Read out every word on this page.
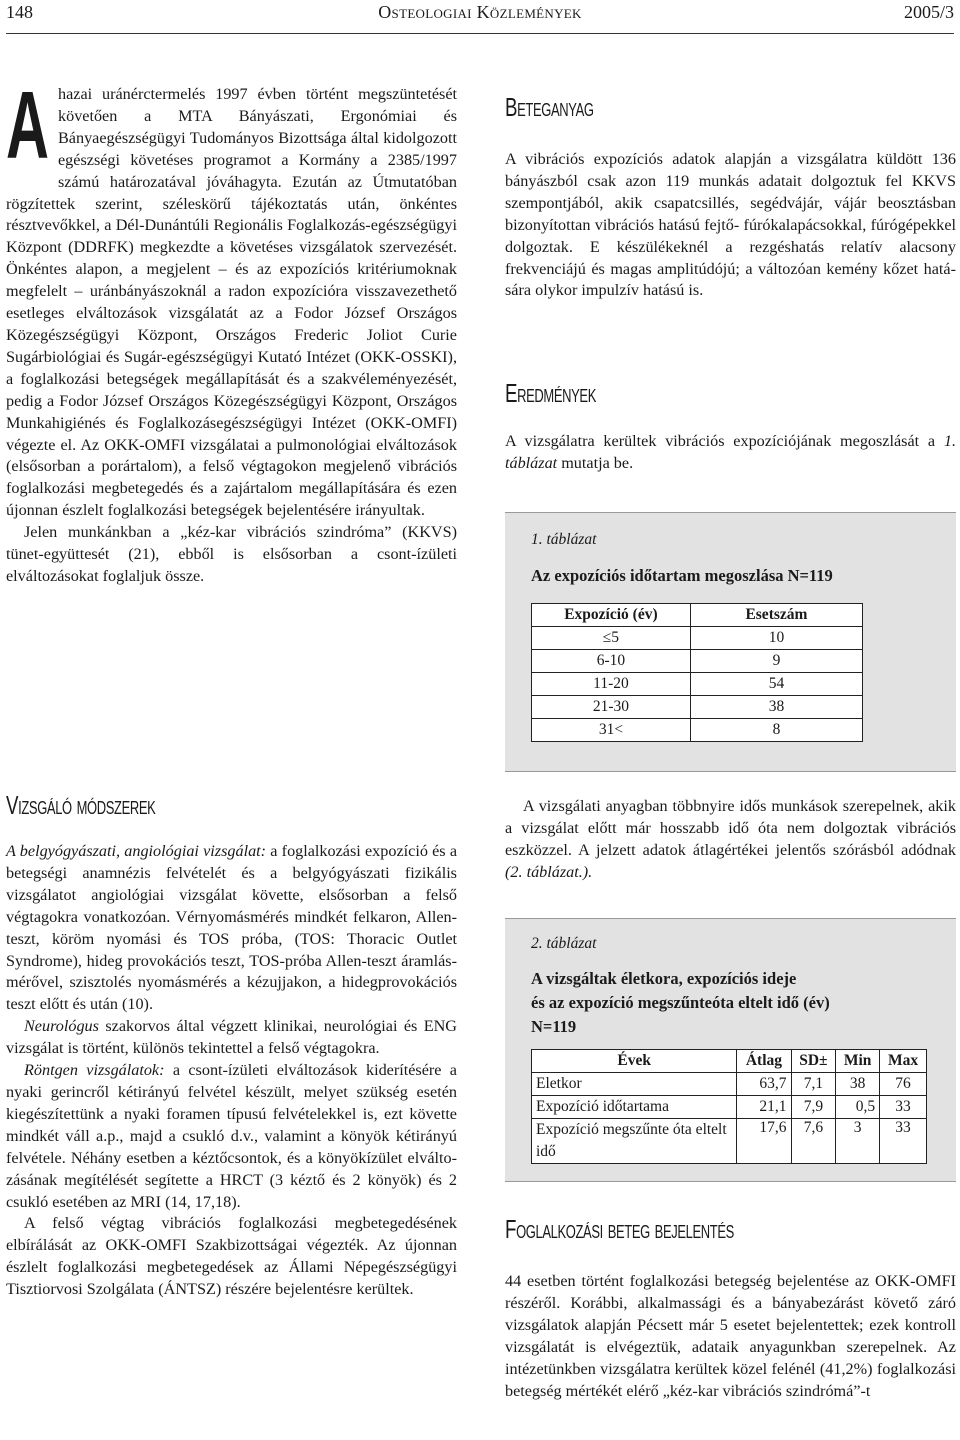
148	Osteologiai Közlemények	2005/3

Ahazai uránérctermelés 1997 évben történt megszüntetését követően a MTA Bányászati, Ergonómiai és Bányaegészségügyi Tudományos Bizottsága által kidolgozott egészségi követéses programot a Kormány a 2385/1997 számú határozatával jóváhagyta. Ezután az Útmutatóban rögzítettek szerint, széleskörű tájékoztatás után, önkéntes résztvevőkkel, a Dél-Dunántúli Regionális Foglalkozás-egészségügyi Központ (DDRFK) megkezdte a követéses vizsgálatok szervezését. Önkéntes alapon, a megjelent – és az expozíciós kritériumoknak megfelelt – uránbányászoknál a radon expozícióra visszavezethető esetleges elváltozások vizsgálatát az a Fodor József Országos Közegészségügyi Központ, Országos Frederic Joliot Curie Sugárbiológiai és Sugár-egészségügyi Kutató Intézet (OKK-OSSKI), a foglalkozási betegségek megállapítását és a szakvéleményezését, pedig a Fodor József Országos Közegészségügyi Központ, Országos Munkahigiénés és Foglalkozásegészségügyi Intézet (OKK-OMFI) végezte el. Az OKK-OMFI vizsgálatai a pulmonológiai elváltozások (elsősorban a porártalom), a felső végtagokon megjelenő vibrációs foglalkozási megbetegedés és a zajártalom megállapítására és ezen újonnan észlelt foglalkozási betegségek bejelentésére irányultak.

Jelen munkánkban a „kéz-kar vibrációs szindróma” (KKVS) tünet-együttesét (21), ebből is elsősorban a csont-ízületi elváltozásokat foglaljuk össze.

Vizsgáló módszerek

A belgyógyászati, angiológiai vizsgálat: a foglalkozási expozíció és a betegségi anamnézis felvételét és a belgyógyászati fizikális vizsgálatot angiológiai vizsgálat követte, elsősorban a felső végtagokra vonatkozóan. Vérnyomásmérés mindkét felkaron, Allen-teszt, köröm nyomási és TOS próba, (TOS: Thoracic Outlet Syndrome), hideg provokációs teszt, TOS-próba Allen-teszt áramlásmérővel, szisztolés nyomásmérés a kézujjakon, a hidegprovokációs teszt előtt és után (10).

Neurológus szakorvos által végzett klinikai, neurológiai és ENG vizsgálat is történt, különös tekintettel a felső végtagokra.

Röntgen vizsgálatok: a csont-ízületi elváltozások kiderítésére a nyaki gerincről kétirányú felvétel készült, melyet szükség esetén kiegészítettünk a nyaki foramen típusú felvételekkel is, ezt követte mindkét váll a.p., majd a csukló d.v., valamint a könyök kétirányú felvétele. Néhány esetben a kéztőcsontok, és a könyökízület elváltozásának megítélését segítette a HRCT (3 kéztő és 2 könyök) és 2 csukló esetében az MRI (14, 17,18).

A felső végtag vibrációs foglalkozási megbetegedésének elbírálását az OKK-OMFI Szakbizottságai végezték. Az újonnan észlelt foglalkozási megbetegedések az Állami Népegészségügyi Tisztiorvosi Szolgálata (ÁNTSZ) részére bejelentésre kerültek.

Beteganyag

A vibrációs expozíciós adatok alapján a vizsgálatra küldött 136 bányászból csak azon 119 munkás adatait dolgoztuk fel KKVS szempontjából, akik csapatcsillés, segédvájár, vájár beosztásban bizonyítottan vibrációs hatású fejtő- fúrókalapácsokkal, fúrógépekkel dolgoztak. E készülékeknél a rezgéshatás relatív alacsony frekvenciájú és magas amplitúdójú; a változóan kemény kőzet hatására olykor impulzív hatású is.

Eredmények

A vizsgálatra kerültek vibrációs expozíciójának megoszlását a 1. táblázat mutatja be.

1. táblázat
Az expozíciós időtartam megoszlása N=119
Expozíció (év)	Esetszám
≤5	10
6-10	9
11-20	54
21-30	38
31<	8

A vizsgálati anyagban többnyire idős munkások szerepelnek, akik a vizsgálat előtt már hosszabb idő óta nem dolgoztak vibrációs eszközzel. A jelzett adatok átlagértékei jelentős szórásból adódnak (2. táblázat.).

2. táblázat
A vizsgáltak életkora, expozíciós ideje
és az expozíció megszűnteóta eltelt idő (év)
N=119
Évek	Átlag	SD±	Min	Max
Eletkor	63,7	7,1	38	76
Expozíció időtartama	21,1	7,9	0,5	33
Expozíció megszűnte óta eltelt idő	17,6	7,6	3	33
Foglalkozási beteg bejelentés

44 esetben történt foglalkozási betegség bejelentése az OKK-OMFI részéről. Korábbi, alkalmassági és a bányabezárást követő záró vizsgálatok alapján Pécsett már 5 esetet bejelentettek; ezek kontroll vizsgálatát is elvégeztük, adataik anyagunkban szerepelnek. Az intézetünkben vizsgálatra kerültek közel felénél (41,2%) foglalkozási betegség mértékét elérő „kéz-kar vibrációs szindrómá”-t
